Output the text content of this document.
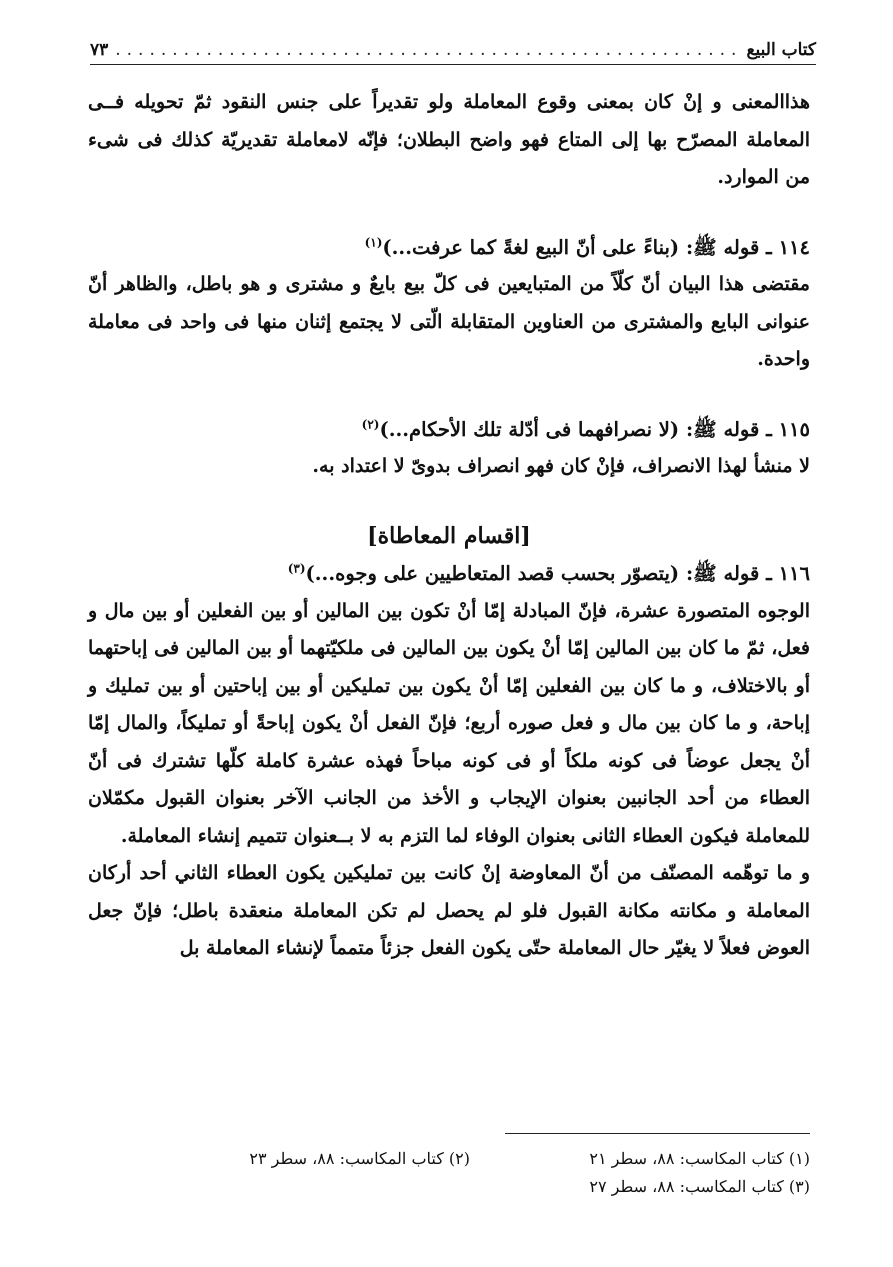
كتاب البيع
.....
٧٣

هذاالمعنى و إنْ كان بمعنى وقوع المعاملة ولو تقديراً على جنس النقود ثمّ تحويله فــى المعاملة المصرّح بها إلى المتاع فهو واضح البطلان؛ فإنّه لامعاملة تقديريّة كذلك فى شىء من الموارد.

١١٤ ـ قوله ﷺ: (بناءً على أنّ البيع لغةً كما عرفت...)$^{(١)}$

مقتضى هذا البيان أنّ كلّاً من المتبايعين فى كلّ بيع بايعٌ و مشترى و هو باطل، والظاهر أنّ عنوانى البايع والمشترى من العناوين المتقابلة الّتى لا يجتمع إثنان منها فى واحد فى معاملة واحدة.

١١٥ ـ قوله ﷺ: (لا نصرافهما فى أدّلة تلك الأحكام...)$^{(٢)}$

لا منشأ لهذا الانصراف، فإنْ كان فهو انصراف بدوىّ لا اعتداد به.

[اقسام المعاطاة]

١١٦ ـ قوله ﷺ: (يتصوّر بحسب قصد المتعاطيين على وجوه...)$^{(٣)}$

الوجوه المتصورة عشرة، فإنّ المبادلة إمّا أنْ تكون بين المالين أو بين الفعلين أو بين مال و فعل، ثمّ ما كان بين المالين إمّا أنْ يكون بين المالين فى ملكيّتهما أو بين المالين فى إباحتهما أو بالاختلاف، و ما كان بين الفعلين إمّا أنْ يكون بين تمليكين أو بين إباحتين أو بين تمليك و إباحة، و ما كان بين مال و فعل صوره أربع؛ فإنّ الفعل أنْ يكون إباحةً أو تمليكاً، والمال إمّا أنْ يجعل عوضاً فى كونه ملكاً أو فى كونه مباحاً فهذه عشرة كاملة كلّها تشترك فى أنّ العطاء من أحد الجانبين بعنوان الإيجاب و الأخذ من الجانب الآخر بعنوان القبول مكمّلان للمعاملة فيكون العطاء الثانى بعنوان الوفاء لما التزم به لا بــعنوان تتميم إنشاء المعاملة.

و ما توهّمه المصنّف من أنّ المعاوضة إنْ كانت بين تمليكين يكون العطاء الثاني أحد أركان المعاملة و مكانته مكانة القبول فلو لم يحصل لم تكن المعاملة منعقدة باطل؛ فإنّ جعل العوض فعلاً لا يغيّر حال المعاملة حتّى يكون الفعل جزئاً متمماً لإنشاء المعاملة بل

(١) كتاب المكاسب: ٨٨، سطر ٢١
(٢) كتاب المكاسب: ٨٨، سطر ٢٣
(٣) كتاب المكاسب: ٨٨، سطر ٢٧
